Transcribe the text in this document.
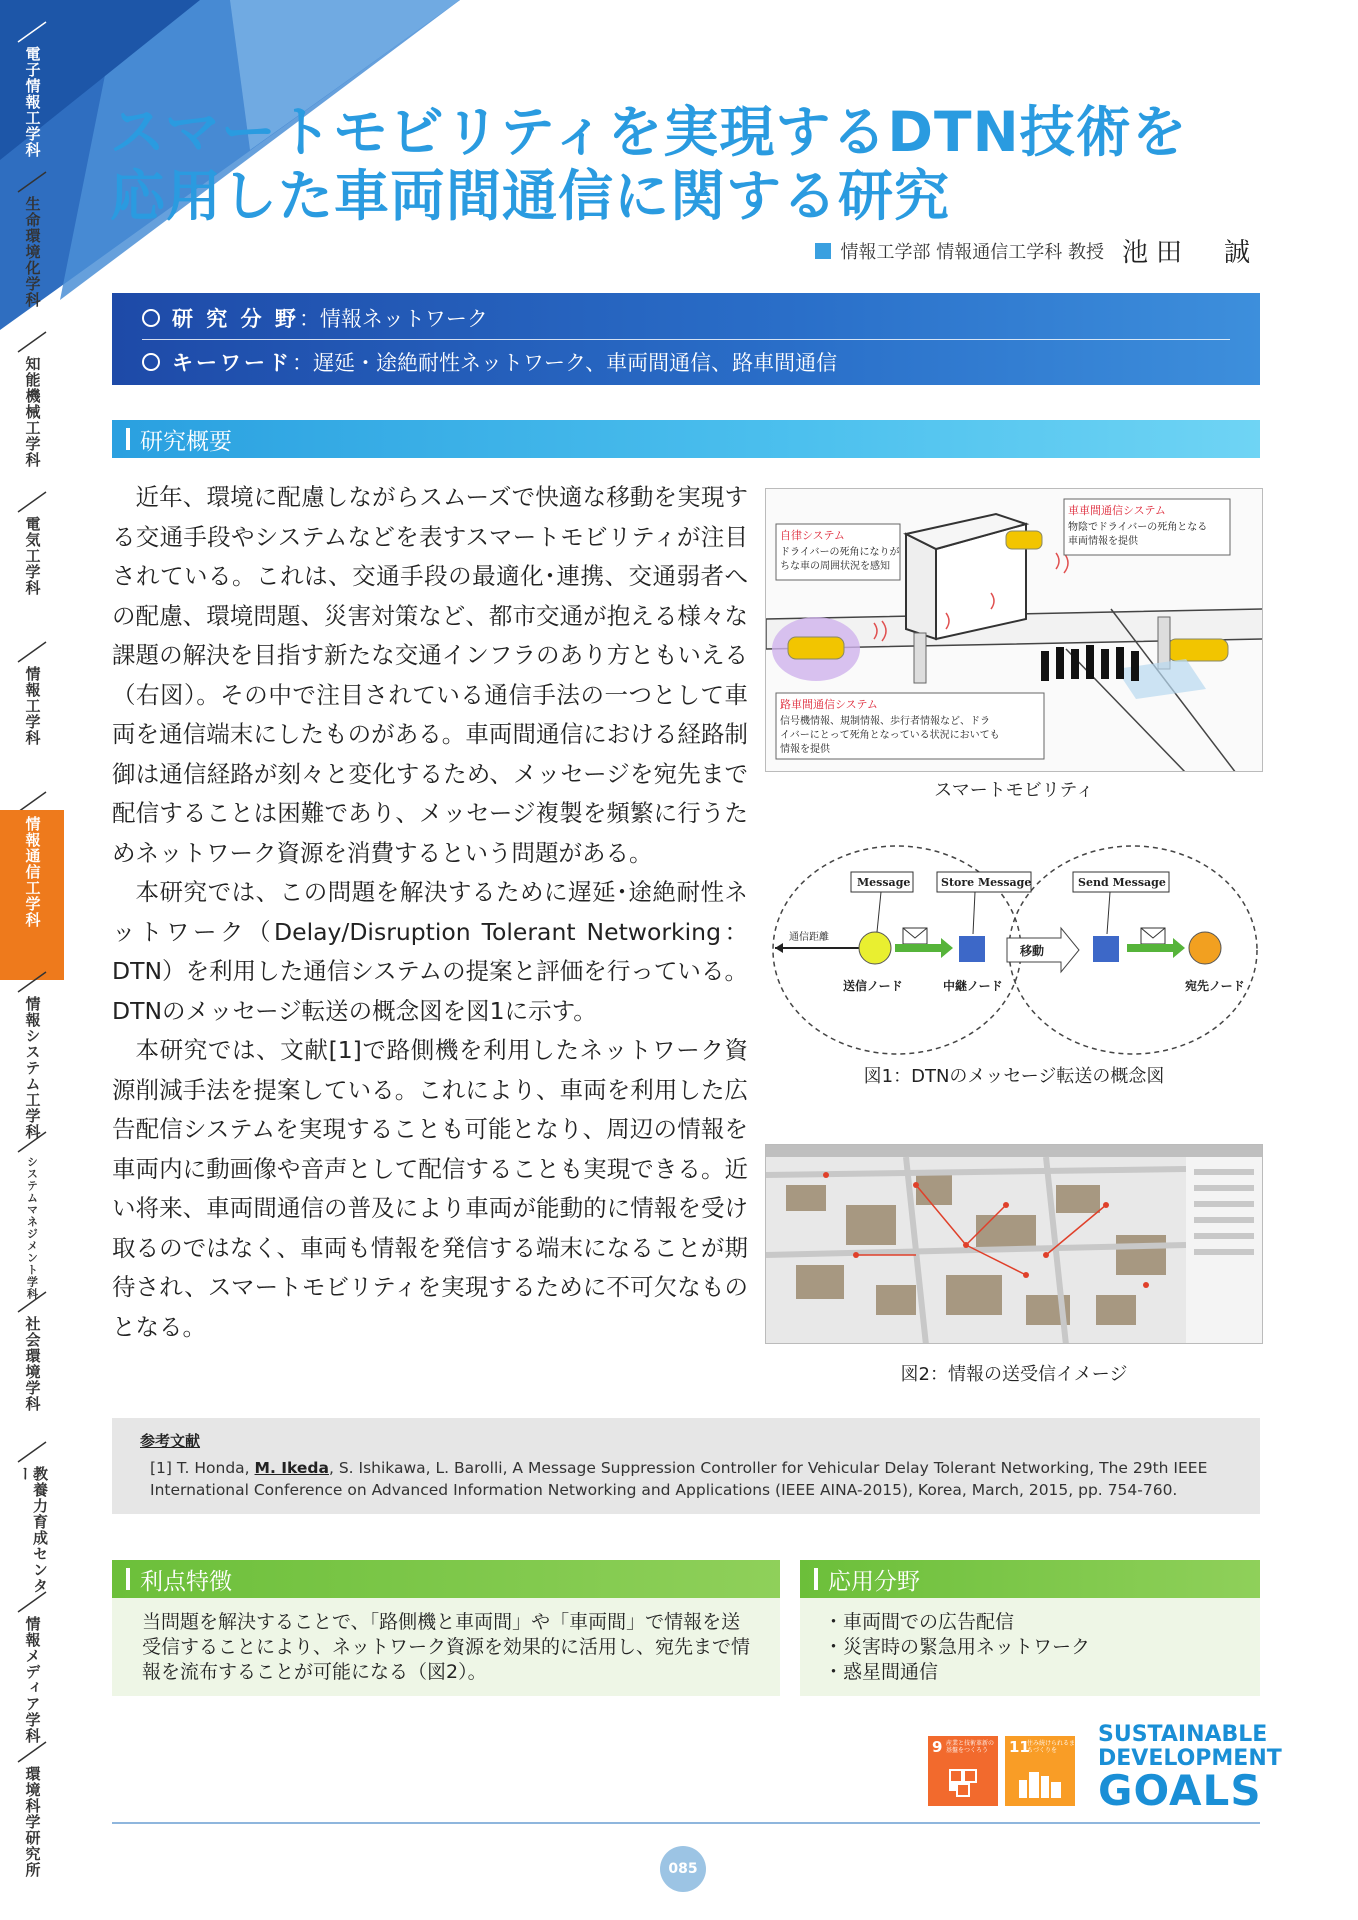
電子情報工学科
生命環境化学科
知能機械工学科
電気工学科
情報工学科
情報通信工学科
情報システム工学科
システムマネジメント学科
社会環境学科
教養力育成センター
情報メディア学科
環境科学研究所
スマートモビリティを実現するDTN技術を
応用した車両間通信に関する研究
情報工学部 情報通信工学科 教授 池田　誠
研 究 分 野 ：情報ネットワーク
キーワード ：遅延・途絶耐性ネットワーク、車両間通信、路車間通信
研究概要

近年、環境に配慮しながらスムーズで快適な移動を実現する交通手段やシステムなどを表すスマートモビリティが注目されている。これは、交通手段の最適化･連携、交通弱者への配慮、環境問題、災害対策など、都市交通が抱える様々な課題の解決を目指す新たな交通インフラのあり方ともいえる（右図）。その中で注目されている通信手法の一つとして車両を通信端末にしたものがある。車両間通信における経路制御は通信経路が刻々と変化するため、メッセージを宛先まで配信することは困難であり、メッセージ複製を頻繁に行うためネットワーク資源を消費するという問題がある。

本研究では、この問題を解決するために遅延･途絶耐性ネットワーク（Delay/Disruption Tolerant Networking：DTN）を利用した通信システムの提案と評価を行っている。DTNのメッセージ転送の概念図を図1に示す。

本研究では、文献[1]で路側機を利用したネットワーク資源削減手法を提案している。これにより、車両を利用した広告配信システムを実現することも可能となり、周辺の情報を車両内に動画像や音声として配信することも実現できる。近い将来、車両間通信の普及により車両が能動的に情報を受け取るのではなく、車両も情報を発信する端末になることが期待され、スマートモビリティを実現するために不可欠なものとなる。

自律システム
ドライバーの死角になりが
ちな車の周囲状況を感知
車車間通信システム
物陰でドライバーの死角となる
車両情報を提供
路車間通信システム
信号機情報、規制情報、歩行者情報など、ドラ
イバーにとって死角となっている状況においても
情報を提供
スマートモビリティ
通信距離
移動
Message	Store Message	Send Message
送信ノード	中継ノード	宛先ノード
図1：DTNのメッセージ転送の概念図
図2：情報の送受信イメージ
参考文献
[1] T. Honda, M. Ikeda, S. Ishikawa, L. Barolli, A Message Suppression Controller for Vehicular Delay Tolerant Networking, The 29th IEEE International Conference on Advanced Information Networking and Applications (IEEE AINA-2015), Korea, March, 2015, pp. 754-760.
利点特徴
当問題を解決することで、「路側機と車両間」や「車両間」で情報を送受信することにより、ネットワーク資源を効果的に活用し、宛先まで情報を流布することが可能になる（図2）。
応用分野
・車両間での広告配信
・災害時の緊急用ネットワーク
・惑星間通信
9 産業と技術革新の基盤をつくろう	11
住み続けられるまちづくりを
SUSTAINABLE
DEVELOPMENT
GOALS
085
